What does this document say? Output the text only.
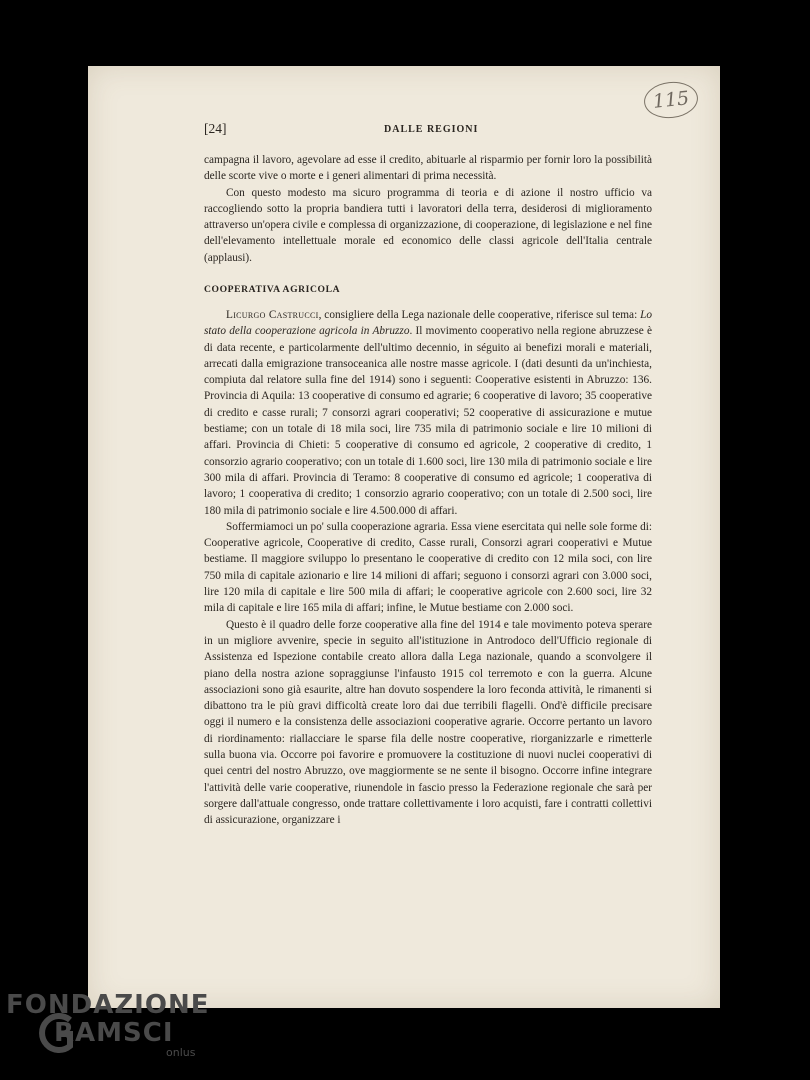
115
[24]	DALLE REGIONI

campagna il lavoro, agevolare ad esse il credito, abituarle al risparmio per fornir loro la possibilità delle scorte vive o morte e i generi alimentari di prima necessità.

Con questo modesto ma sicuro programma di teoria e di azione il nostro ufficio va raccogliendo sotto la propria bandiera tutti i lavoratori della terra, desiderosi di miglioramento attraverso un'opera civile e complessa di organizzazione, di cooperazione, di legislazione e nel fine dell'elevamento intellettuale morale ed economico delle classi agricole dell'Italia centrale (applausi).

COOPERATIVA AGRICOLA

Licurgo Castrucci, consigliere della Lega nazionale delle cooperative, riferisce sul tema: Lo stato della cooperazione agricola in Abruzzo. Il movimento cooperativo nella regione abruzzese è di data recente, e particolarmente dell'ultimo decennio, in séguito ai benefizi morali e materiali, arrecati dalla emigrazione transoceanica alle nostre masse agricole. I (dati desunti da un'inchiesta, compiuta dal relatore sulla fine del 1914) sono i seguenti: Cooperative esistenti in Abruzzo: 136. Provincia di Aquila: 13 cooperative di consumo ed agrarie; 6 cooperative di lavoro; 35 cooperative di credito e casse rurali; 7 consorzi agrari cooperativi; 52 cooperative di assicurazione e mutue bestiame; con un totale di 18 mila soci, lire 735 mila di patrimonio sociale e lire 10 milioni di affari. Provincia di Chieti: 5 cooperative di consumo ed agricole, 2 cooperative di credito, 1 consorzio agrario cooperativo; con un totale di 1.600 soci, lire 130 mila di patrimonio sociale e lire 300 mila di affari. Provincia di Teramo: 8 cooperative di consumo ed agricole; 1 cooperativa di lavoro; 1 cooperativa di credito; 1 consorzio agrario cooperativo; con un totale di 2.500 soci, lire 180 mila di patrimonio sociale e lire 4.500.000 di affari.

Soffermiamoci un po' sulla cooperazione agraria. Essa viene esercitata qui nelle sole forme di: Cooperative agricole, Cooperative di credito, Casse rurali, Consorzi agrari cooperativi e Mutue bestiame. Il maggiore sviluppo lo presentano le cooperative di credito con 12 mila soci, con lire 750 mila di capitale azionario e lire 14 milioni di affari; seguono i consorzi agrari con 3.000 soci, lire 120 mila di capitale e lire 500 mila di affari; le cooperative agricole con 2.600 soci, lire 32 mila di capitale e lire 165 mila di affari; infine, le Mutue bestiame con 2.000 soci.

Questo è il quadro delle forze cooperative alla fine del 1914 e tale movimento poteva sperare in un migliore avvenire, specie in seguito all'istituzione in Antrodoco dell'Ufficio regionale di Assistenza ed Ispezione contabile creato allora dalla Lega nazionale, quando a sconvolgere il piano della nostra azione sopraggiunse l'infausto 1915 col terremoto e con la guerra. Alcune associazioni sono già esaurite, altre han dovuto sospendere la loro feconda attività, le rimanenti si dibattono tra le più gravi difficoltà create loro dai due terribili flagelli. Ond'è difficile precisare oggi il numero e la consistenza delle associazioni cooperative agrarie. Occorre pertanto un lavoro di riordinamento: riallacciare le sparse fila delle nostre cooperative, riorganizzarle e rimetterle sulla buona via. Occorre poi favorire e promuovere la costituzione di nuovi nuclei cooperativi di quei centri del nostro Abruzzo, ove maggiormente se ne sente il bisogno. Occorre infine integrare l'attività delle varie cooperative, riunendole in fascio presso la Federazione regionale che sarà per sorgere dall'attuale congresso, onde trattare collettivamente i loro acquisti, fare i contratti collettivi di assicurazione, organizzare i

FONDAZIONE
RAMSCI
onlus
